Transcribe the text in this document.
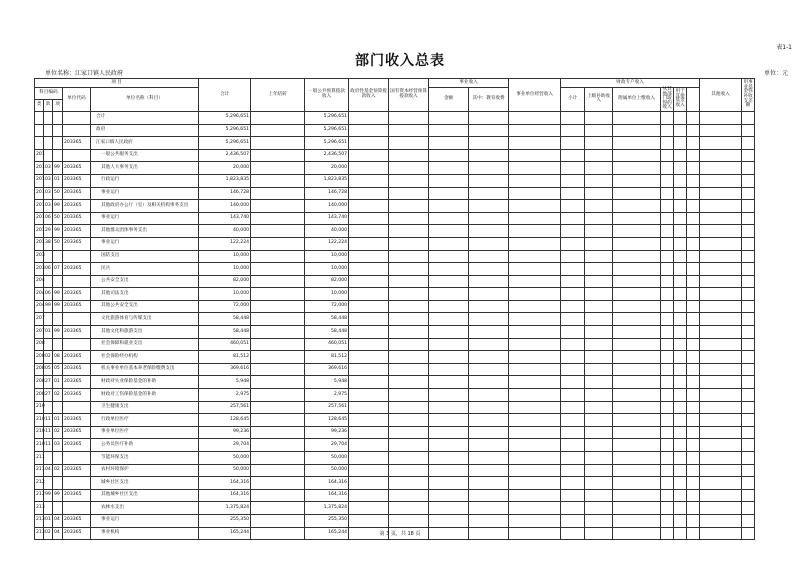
表1-1
部门收入总表
单位名称：江家口镇人民政府	单位：元
项 目					合计	上年结转	一般公共预算拨款收入	政府性基金预算拨款收入	国有资本经营预算拨款收入	事业收入		事业单位经营收入	财政专户收入						其他收入	用事业基金弥补收支差额
科目编码			单位代码	单位名称（科目）						金额	其中：教育收费		小计	上级补助收入	附属单位上缴收入	从其他部门取得的收入	用于其他基金收入			
类	款	项																		
				合计	5,296,651		5,296,651													
				政府	5,296,651		5,296,651													
			203365	江家口镇人民政府	5,296,651		5,296,651													
201				一般公共服务支出	2,436,507		2,436,507													
201	03	99	203365	其他人大事务支出	20,000		20,000													
201	03	01	203365	行政运行	1,823,835		1,823,835													
201	03	50	203365	事业运行	146,728		146,728													
201	03	99	203365	其他政府办公厅（室）及相关机构事务支出	140,000		140,000													
201	06	50	203365	事业运行	143,740		143,740													
201	29	99	203365	其他群众团体事务支出	40,000		40,000													
201	38	50	203365	事业运行	122,224		122,224													
203				国防支出	10,000		10,000													
203	06	07	203365	民兵	10,000		10,000													
204				公共安全支出	82,000		82,000													
204	06	99	203365	其他司法支出	10,000		10,000													
204	99	99	203365	其他公共安全支出	72,000		72,000													
207				文化旅游体育与传媒支出	58,448		58,448													
207	01	99	203365	其他文化和旅游支出	58,448		58,448													
208				社会保障和就业支出	460,051		460,051													
208	02	08	203365	社会保险经办机构	81,512		81,512													
208	05	05	203365	机关事业单位基本养老保险缴费支出	369,616		369,616													
208	27	01	203365	财政对失业保险基金的补助	5,948		5,948													
208	27	02	203365	财政对工伤保险基金的补助	2,975		2,975													
210				卫生健康支出	257,561		257,561													
210	11	01	203365	行政单位医疗	128,645		128,645													
210	11	02	203365	事业单位医疗	99,236		99,236													
210	11	03	203365	公务员医疗补助	29,704		29,704													
211				节能环保支出	50,000		50,000													
211	04	02	203365	农村环境保护	50,000		50,000													
212				城乡社区支出	164,316		164,316													
212	99	99	203365	其他城乡社区支出	164,316		164,316													
213				农林水支出	1,375,824		1,375,824													
213	01	04	203365	事业运行	255,350		255,350													
213	02	04	203365	事业机构	165,244		165,244														第 3 页，共 18 页
